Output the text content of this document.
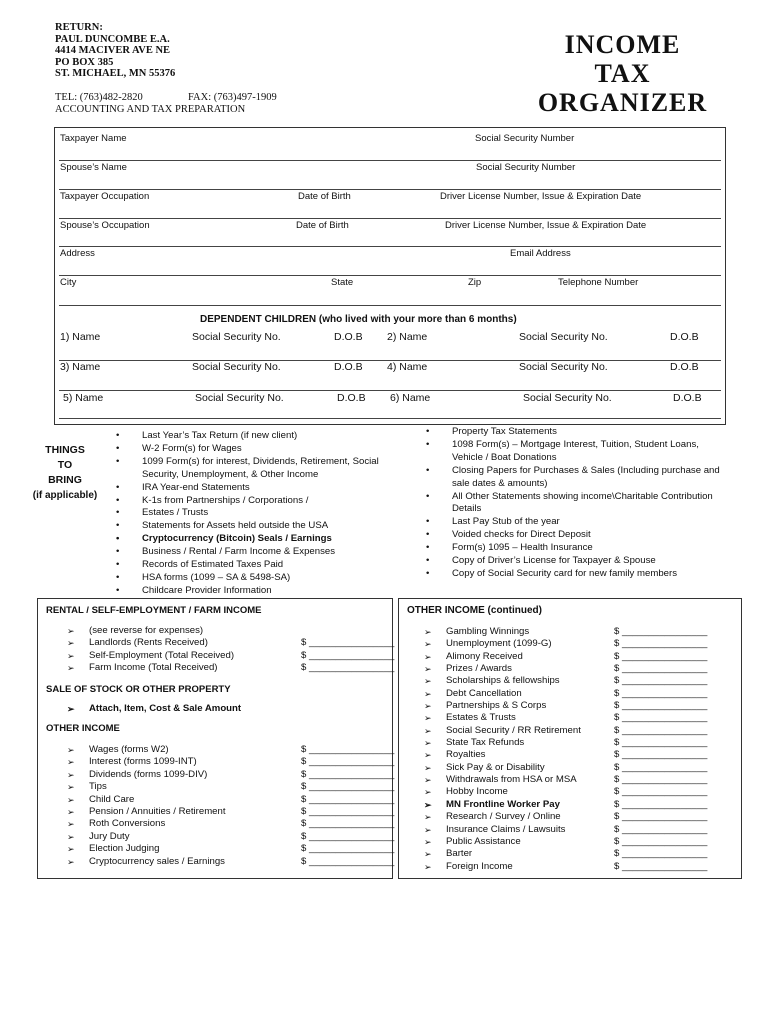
RETURN:
PAUL DUNCOMBE E.A.
4414 MACIVER AVE NE
PO BOX 385
ST. MICHAEL, MN 55376
TEL: (763)482-2820	FAX: (763)497-1909
ACCOUNTING AND TAX PREPARATION
INCOME
TAX
ORGANIZER
Taxpayer Name	Social Security Number
Spouse’s Name	Social Security Number
Taxpayer Occupation	Date of Birth	Driver License Number, Issue & Expiration Date
Spouse’s Occupation	Date of Birth	Driver License Number, Issue & Expiration Date
Address	Email Address
City	State	Zip	Telephone Number
DEPENDENT CHILDREN (who lived with your more than 6 months)
1) Name	Social Security No.	D.O.B 2) Name	Social Security No.	D.O.B
3) Name	Social Security No.	D.O.B 4) Name	Social Security No.	D.O.B
5) Name	Social Security No.	D.O.B 6) Name	Social Security No.	D.O.B
THINGS
TO
BRING
(if applicable)
• Last Year’s Tax Return (if new client)
• W-2 Form(s) for Wages
• 1099 Form(s) for interest, Dividends, Retirement, Social Security, Unemployment, & Other Income
• IRA Year-end Statements
• K-1s from Partnerships / Corporations /
• Estates / Trusts
• Statements for Assets held outside the USA
• Cryptocurrency (Bitcoin) Seals / Earnings
• Business / Rental / Farm Income & Expenses
• Records of Estimated Taxes Paid
• HSA forms (1099 – SA & 5498-SA)
• Childcare Provider Information
• Property Tax Statements
• 1098 Form(s) – Mortgage Interest, Tuition, Student Loans, Vehicle / Boat Donations
• Closing Papers for Purchases & Sales (Including purchase and sale dates & amounts)
• All Other Statements showing income\Charitable Contribution Details
• Last Pay Stub of the year
• Voided checks for Direct Deposit
• Form(s) 1095 – Health Insurance
• Copy of Driver’s License for Taxpayer & Spouse
• Copy of Social Security card for new family members
RENTAL / SELF-EMPLOYMENT / FARM INCOME
➢ (see reverse for expenses)
➢ Landlords (Rents Received)	$ ________________
➢ Self-Employment (Total Received)	$ ________________
➢ Farm Income (Total Received)	$ ________________
SALE OF STOCK OR OTHER PROPERTY
➢ Attach, Item, Cost & Sale Amount
OTHER INCOME
➢ Wages (forms W2)	$ ________________
➢ Interest (forms 1099-INT)	$ ________________
➢ Dividends (forms 1099-DIV)	$ ________________
➢ Tips	$ ________________
➢ Child Care	$ ________________
➢ Pension / Annuities / Retirement	$ ________________
➢ Roth Conversions	$ ________________
➢ Jury Duty	$ ________________
➢ Election Judging	$ ________________
➢ Cryptocurrency sales / Earnings	$ ________________
OTHER INCOME (continued)
➢ Gambling Winnings	$ ________________
➢ Unemployment (1099-G)	$ ________________
➢ Alimony Received	$ ________________
➢ Prizes / Awards	$ ________________
➢ Scholarships & fellowships	$ ________________
➢ Debt Cancellation	$ ________________
➢ Partnerships & S Corps	$ ________________
➢ Estates & Trusts	$ ________________
➢ Social Security / RR Retirement	$ ________________
➢ State Tax Refunds	$ ________________
➢ Royalties	$ ________________
➢ Sick Pay & or Disability	$ ________________
➢ Withdrawals from HSA or MSA	$ ________________
➢ Hobby Income	$ ________________
➢ MN Frontline Worker Pay	$ ________________
➢ Research / Survey / Online	$ ________________
➢ Insurance Claims / Lawsuits	$ ________________
➢ Public Assistance	$ ________________
➢ Barter	$ ________________
➢ Foreign Income	$ ________________
